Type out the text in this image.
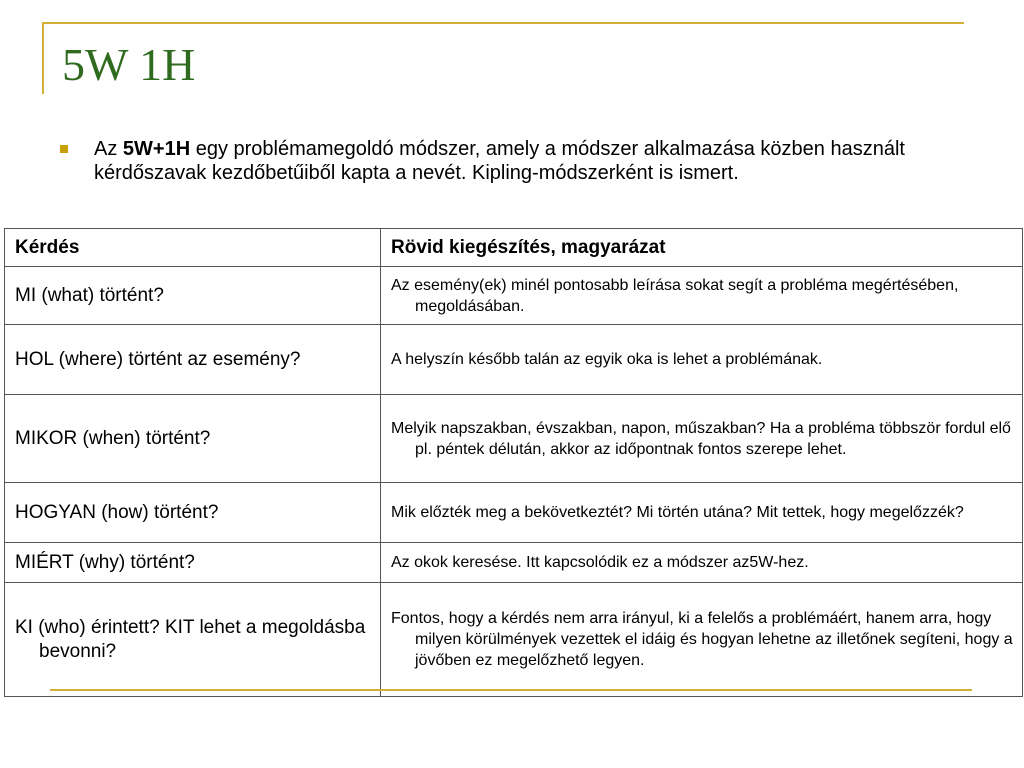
5W 1H

Az 5W+1H egy problémamegoldó módszer, amely a módszer alkalmazása közben használt kérdőszavak kezdőbetűiből kapta a nevét. Kipling-módszerként is ismert.

Kérdés	Rövid kiegészítés, magyarázat
MI (what) történt?	Az esemény(ek) minél pontosabb leírása sokat segít a probléma megértésében, megoldásában.
HOL (where) történt az esemény?	A helyszín később talán az egyik oka is lehet a problémának.
MIKOR (when) történt?	Melyik napszakban, évszakban, napon, műszakban? Ha a probléma többször fordul elő pl. péntek délután, akkor az időpontnak fontos szerepe lehet.
HOGYAN (how) történt?	Mik előzték meg a bekövetkeztét? Mi történ utána? Mit tettek, hogy megelőzzék?
MIÉRT (why) történt?	Az okok keresése. Itt kapcsolódik ez a módszer az5W-hez.
KI (who) érintett? KIT lehet a megoldásba bevonni?	Fontos, hogy a kérdés nem arra irányul, ki a felelős a problémáért, hanem arra, hogy milyen körülmények vezettek el idáig és hogyan lehetne az illetőnek segíteni, hogy a jövőben ez megelőzhető legyen.
